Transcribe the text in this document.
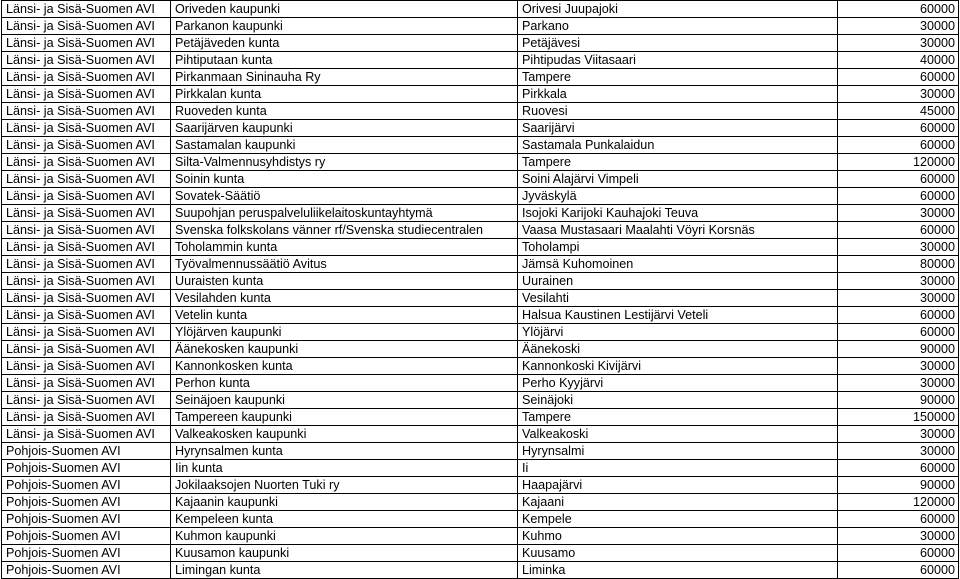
Länsi- ja Sisä-Suomen AVI	Oriveden kaupunki	Orivesi Juupajoki	60000
Länsi- ja Sisä-Suomen AVI	Parkanon kaupunki	Parkano	30000
Länsi- ja Sisä-Suomen AVI	Petäjäveden kunta	Petäjävesi	30000
Länsi- ja Sisä-Suomen AVI	Pihtiputaan kunta	Pihtipudas Viitasaari	40000
Länsi- ja Sisä-Suomen AVI	Pirkanmaan Sininauha Ry	Tampere	60000
Länsi- ja Sisä-Suomen AVI	Pirkkalan kunta	Pirkkala	30000
Länsi- ja Sisä-Suomen AVI	Ruoveden kunta	Ruovesi	45000
Länsi- ja Sisä-Suomen AVI	Saarijärven kaupunki	Saarijärvi	60000
Länsi- ja Sisä-Suomen AVI	Sastamalan kaupunki	Sastamala Punkalaidun	60000
Länsi- ja Sisä-Suomen AVI	Silta-Valmennusyhdistys ry	Tampere	120000
Länsi- ja Sisä-Suomen AVI	Soinin kunta	Soini Alajärvi Vimpeli	60000
Länsi- ja Sisä-Suomen AVI	Sovatek-Säätiö	Jyväskylä	60000
Länsi- ja Sisä-Suomen AVI	Suupohjan peruspalveluliikelaitoskuntayhtymä	Isojoki Karijoki Kauhajoki Teuva	30000
Länsi- ja Sisä-Suomen AVI	Svenska folkskolans vänner rf/Svenska studiecentralen	Vaasa Mustasaari Maalahti Vöyri Korsnäs	60000
Länsi- ja Sisä-Suomen AVI	Toholammin kunta	Toholampi	30000
Länsi- ja Sisä-Suomen AVI	Työvalmennussäätiö Avitus	Jämsä Kuhomoinen	80000
Länsi- ja Sisä-Suomen AVI	Uuraisten kunta	Uurainen	30000
Länsi- ja Sisä-Suomen AVI	Vesilahden kunta	Vesilahti	30000
Länsi- ja Sisä-Suomen AVI	Vetelin kunta	Halsua Kaustinen Lestijärvi Veteli	60000
Länsi- ja Sisä-Suomen AVI	Ylöjärven kaupunki	Ylöjärvi	60000
Länsi- ja Sisä-Suomen AVI	Äänekosken kaupunki	Äänekoski	90000
Länsi- ja Sisä-Suomen AVI	Kannonkosken kunta	Kannonkoski Kivijärvi	30000
Länsi- ja Sisä-Suomen AVI	Perhon kunta	Perho Kyyjärvi	30000
Länsi- ja Sisä-Suomen AVI	Seinäjoen kaupunki	Seinäjoki	90000
Länsi- ja Sisä-Suomen AVI	Tampereen kaupunki	Tampere	150000
Länsi- ja Sisä-Suomen AVI	Valkeakosken kaupunki	Valkeakoski	30000
Pohjois-Suomen AVI	Hyrynsalmen kunta	Hyrynsalmi	30000
Pohjois-Suomen AVI	Iin kunta	Ii	60000
Pohjois-Suomen AVI	Jokilaaksojen Nuorten Tuki ry	Haapajärvi	90000
Pohjois-Suomen AVI	Kajaanin kaupunki	Kajaani	120000
Pohjois-Suomen AVI	Kempeleen kunta	Kempele	60000
Pohjois-Suomen AVI	Kuhmon kaupunki	Kuhmo	30000
Pohjois-Suomen AVI	Kuusamon kaupunki	Kuusamo	60000
Pohjois-Suomen AVI	Limingan kunta	Liminka	60000
